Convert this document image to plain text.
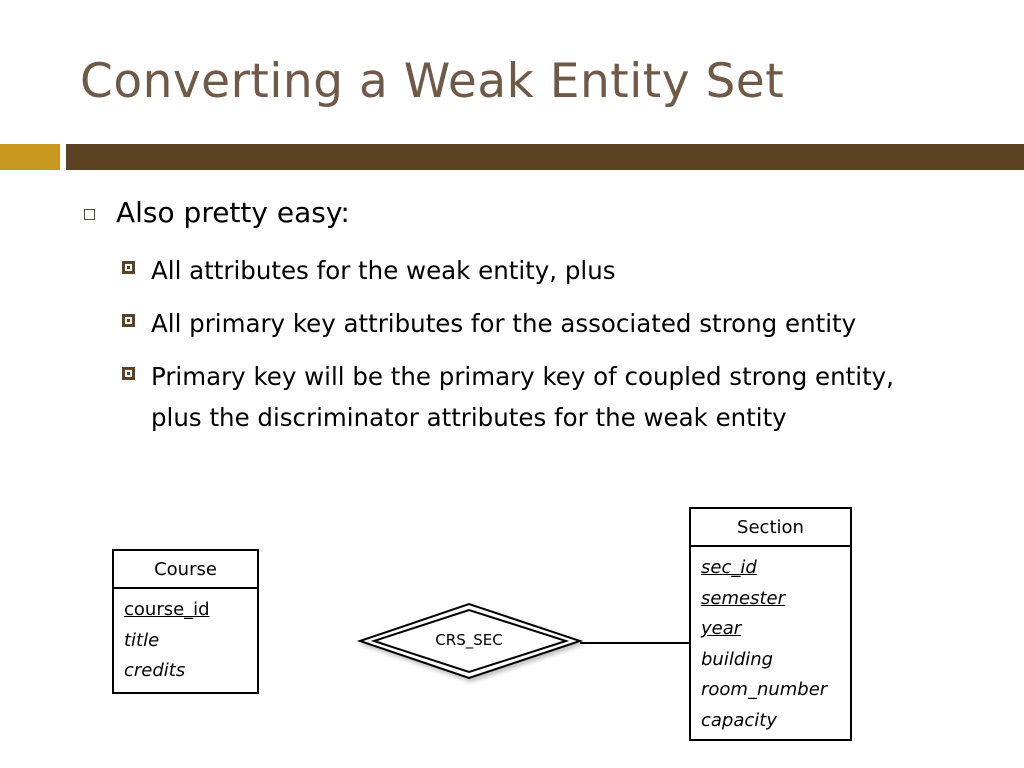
Converting a Weak Entity Set
Also pretty easy:
All attributes for the weak entity, plus
All primary key attributes for the associated strong entity
Primary key will be the primary key of coupled strong entity, plus the discriminator attributes for the weak entity
CRS_SEC
Course
course_id
title
credits
Section
sec_id
semester
year
building
room_number
capacity
